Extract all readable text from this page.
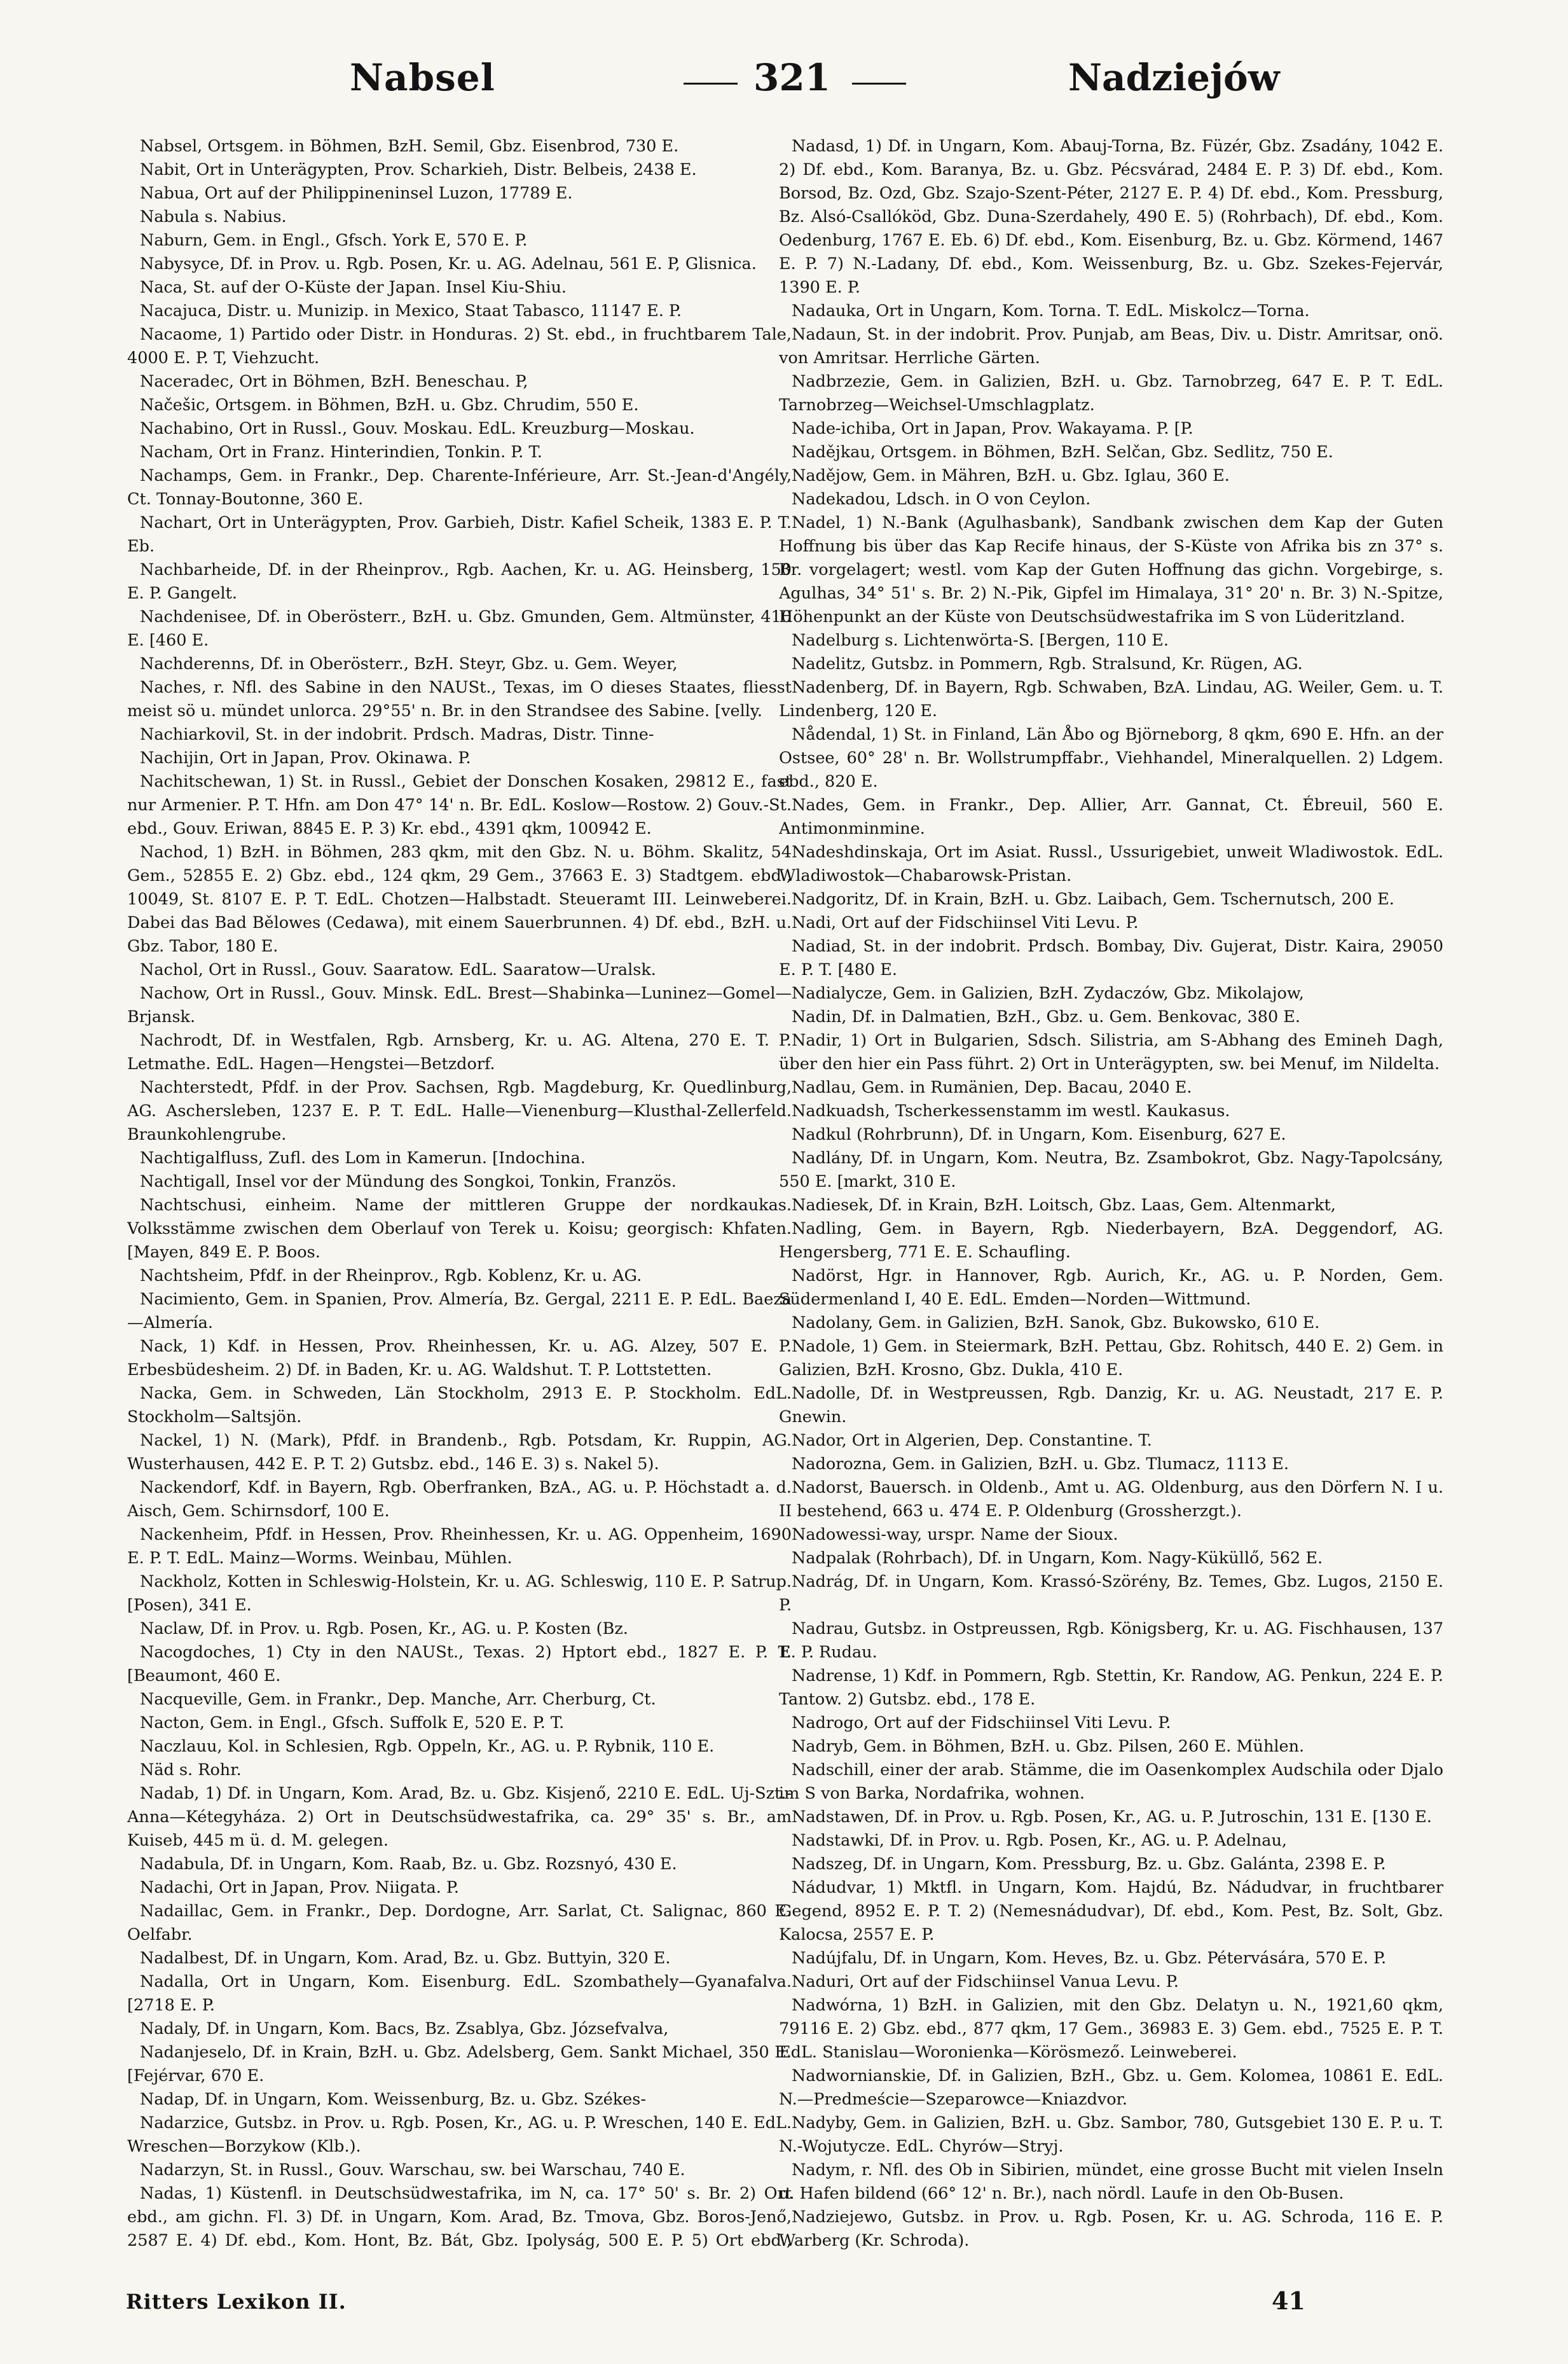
Nabsel	321	Nadziejów

Nabsel, Ortsgem. in Böhmen, BzH. Semil, Gbz. Eisenbrod, 730 E.

Nabit, Ort in Unterägypten, Prov. Scharkieh, Distr. Belbeis, 2438 E.

Nabua, Ort auf der Philippineninsel Luzon, 17789 E.

Nabula s. Nabius.

Naburn, Gem. in Engl., Gfsch. York E, 570 E. P.

Nabysyce, Df. in Prov. u. Rgb. Posen, Kr. u. AG. Adelnau, 561 E. P, Glisnica.

Naca, St. auf der O-Küste der Japan. Insel Kiu-Shiu.

Nacajuca, Distr. u. Munizip. in Mexico, Staat Tabasco, 11147 E. P.

Nacaome, 1) Partido oder Distr. in Honduras. 2) St. ebd., in fruchtbarem Tale, 4000 E. P. T, Viehzucht.

Naceradec, Ort in Böhmen, BzH. Beneschau. P,

Načešic, Ortsgem. in Böhmen, BzH. u. Gbz. Chrudim, 550 E.

Nachabino, Ort in Russl., Gouv. Moskau. EdL. Kreuzburg—Moskau.

Nacham, Ort in Franz. Hinterindien, Tonkin. P. T.

Nachamps, Gem. in Frankr., Dep. Charente-Inférieure, Arr. St.-Jean-d'Angély, Ct. Tonnay-Boutonne, 360 E.

Nachart, Ort in Unterägypten, Prov. Garbieh, Distr. Kafiel Scheik, 1383 E. P. T. Eb.

Nachbarheide, Df. in der Rheinprov., Rgb. Aachen, Kr. u. AG. Heinsberg, 150 E. P. Gangelt.

Nachdenisee, Df. in Oberösterr., BzH. u. Gbz. Gmunden, Gem. Altmünster, 410 E. [460 E.

Nachderenns, Df. in Oberösterr., BzH. Steyr, Gbz. u. Gem. Weyer,

Naches, r. Nfl. des Sabine in den NAUSt., Texas, im O dieses Staates, fliesst meist sö u. mündet unlorca. 29°55' n. Br. in den Strandsee des Sabine. [velly.

Nachiarkovil, St. in der indobrit. Prdsch. Madras, Distr. Tinne-

Nachijin, Ort in Japan, Prov. Okinawa. P.

Nachitschewan, 1) St. in Russl., Gebiet der Donschen Kosaken, 29812 E., fast nur Armenier. P. T. Hfn. am Don 47° 14' n. Br. EdL. Koslow—Rostow. 2) Gouv.-St. ebd., Gouv. Eriwan, 8845 E. P. 3) Kr. ebd., 4391 qkm, 100942 E.

Nachod, 1) BzH. in Böhmen, 283 qkm, mit den Gbz. N. u. Böhm. Skalitz, 54 Gem., 52855 E. 2) Gbz. ebd., 124 qkm, 29 Gem., 37663 E. 3) Stadtgem. ebd., 10049, St. 8107 E. P. T. EdL. Chotzen—Halbstadt. Steueramt III. Leinweberei. Dabei das Bad Bělowes (Cedawa), mit einem Sauerbrunnen. 4) Df. ebd., BzH. u. Gbz. Tabor, 180 E.

Nachol, Ort in Russl., Gouv. Saaratow. EdL. Saaratow—Uralsk.

Nachow, Ort in Russl., Gouv. Minsk. EdL. Brest—Shabinka—Luninez—Gomel—Brjansk.

Nachrodt, Df. in Westfalen, Rgb. Arnsberg, Kr. u. AG. Altena, 270 E. T. P. Letmathe. EdL. Hagen—Hengstei—Betzdorf.

Nachterstedt, Pfdf. in der Prov. Sachsen, Rgb. Magdeburg, Kr. Quedlinburg, AG. Aschersleben, 1237 E. P. T. EdL. Halle—Vienenburg—Klusthal-Zellerfeld. Braunkohlengrube.

Nachtigalfluss, Zufl. des Lom in Kamerun. [Indochina.

Nachtigall, Insel vor der Mündung des Songkoi, Tonkin, Französ.

Nachtschusi, einheim. Name der mittleren Gruppe der nordkaukas. Volksstämme zwischen dem Oberlauf von Terek u. Koisu; georgisch: Khfaten. [Mayen, 849 E. P. Boos.

Nachtsheim, Pfdf. in der Rheinprov., Rgb. Koblenz, Kr. u. AG.

Nacimiento, Gem. in Spanien, Prov. Almería, Bz. Gergal, 2211 E. P. EdL. Baeza—Almería.

Nack, 1) Kdf. in Hessen, Prov. Rheinhessen, Kr. u. AG. Alzey, 507 E. P. Erbesbüdesheim. 2) Df. in Baden, Kr. u. AG. Waldshut. T. P. Lottstetten.

Nacka, Gem. in Schweden, Län Stockholm, 2913 E. P. Stockholm. EdL. Stockholm—Saltsjön.

Nackel, 1) N. (Mark), Pfdf. in Brandenb., Rgb. Potsdam, Kr. Ruppin, AG. Wusterhausen, 442 E. P. T. 2) Gutsbz. ebd., 146 E. 3) s. Nakel 5).

Nackendorf, Kdf. in Bayern, Rgb. Oberfranken, BzA., AG. u. P. Höchstadt a. d. Aisch, Gem. Schirnsdorf, 100 E.

Nackenheim, Pfdf. in Hessen, Prov. Rheinhessen, Kr. u. AG. Oppenheim, 1690 E. P. T. EdL. Mainz—Worms. Weinbau, Mühlen.

Nackholz, Kotten in Schleswig-Holstein, Kr. u. AG. Schleswig, 110 E. P. Satrup. [Posen), 341 E.

Naclaw, Df. in Prov. u. Rgb. Posen, Kr., AG. u. P. Kosten (Bz.

Nacogdoches, 1) Cty in den NAUSt., Texas. 2) Hptort ebd., 1827 E. P. T. [Beaumont, 460 E.

Nacqueville, Gem. in Frankr., Dep. Manche, Arr. Cherburg, Ct.

Nacton, Gem. in Engl., Gfsch. Suffolk E, 520 E. P. T.

Naczlauu, Kol. in Schlesien, Rgb. Oppeln, Kr., AG. u. P. Rybnik, 110 E.

Näd s. Rohr.

Nadab, 1) Df. in Ungarn, Kom. Arad, Bz. u. Gbz. Kisjenő, 2210 E. EdL. Uj-Szt.-Anna—Kétegyháza. 2) Ort in Deutschsüdwestafrika, ca. 29° 35' s. Br., am Kuiseb, 445 m ü. d. M. gelegen.

Nadabula, Df. in Ungarn, Kom. Raab, Bz. u. Gbz. Rozsnyó, 430 E.

Nadachi, Ort in Japan, Prov. Niigata. P.

Nadaillac, Gem. in Frankr., Dep. Dordogne, Arr. Sarlat, Ct. Salignac, 860 E. Oelfabr.

Nadalbest, Df. in Ungarn, Kom. Arad, Bz. u. Gbz. Buttyin, 320 E.

Nadalla, Ort in Ungarn, Kom. Eisenburg. EdL. Szombathely—Gyanafalva. [2718 E. P.

Nadaly, Df. in Ungarn, Kom. Bacs, Bz. Zsablya, Gbz. Józsefvalva,

Nadanjeselo, Df. in Krain, BzH. u. Gbz. Adelsberg, Gem. Sankt Michael, 350 E. [Fejérvar, 670 E.

Nadap, Df. in Ungarn, Kom. Weissenburg, Bz. u. Gbz. Székes-

Nadarzice, Gutsbz. in Prov. u. Rgb. Posen, Kr., AG. u. P. Wreschen, 140 E. EdL. Wreschen—Borzykow (Klb.).

Nadarzyn, St. in Russl., Gouv. Warschau, sw. bei Warschau, 740 E.

Nadas, 1) Küstenfl. in Deutschsüdwestafrika, im N, ca. 17° 50' s. Br. 2) Ort ebd., am gichn. Fl. 3) Df. in Ungarn, Kom. Arad, Bz. Tmova, Gbz. Boros-Jenő, 2587 E. 4) Df. ebd., Kom. Hont, Bz. Bát, Gbz. Ipolyság, 500 E. P. 5) Ort ebd.,

Nadasd, 1) Df. in Ungarn, Kom. Abauj-Torna, Bz. Füzér, Gbz. Zsadány, 1042 E. 2) Df. ebd., Kom. Baranya, Bz. u. Gbz. Pécsvárad, 2484 E. P. 3) Df. ebd., Kom. Borsod, Bz. Ozd, Gbz. Szajo-Szent-Péter, 2127 E. P. 4) Df. ebd., Kom. Pressburg, Bz. Alsó-Csallóköd, Gbz. Duna-Szerdahely, 490 E. 5) (Rohrbach), Df. ebd., Kom. Oedenburg, 1767 E. Eb. 6) Df. ebd., Kom. Eisenburg, Bz. u. Gbz. Körmend, 1467 E. P. 7) N.-Ladany, Df. ebd., Kom. Weissenburg, Bz. u. Gbz. Szekes-Fejervár, 1390 E. P.

Nadauka, Ort in Ungarn, Kom. Torna. T. EdL. Miskolcz—Torna.

Nadaun, St. in der indobrit. Prov. Punjab, am Beas, Div. u. Distr. Amritsar, onö. von Amritsar. Herrliche Gärten.

Nadbrzezie, Gem. in Galizien, BzH. u. Gbz. Tarnobrzeg, 647 E. P. T. EdL. Tarnobrzeg—Weichsel-Umschlagplatz.

Nade-ichiba, Ort in Japan, Prov. Wakayama. P. [P.

Nadějkau, Ortsgem. in Böhmen, BzH. Selčan, Gbz. Sedlitz, 750 E.

Nadějow, Gem. in Mähren, BzH. u. Gbz. Iglau, 360 E.

Nadekadou, Ldsch. in O von Ceylon.

Nadel, 1) N.-Bank (Agulhasbank), Sandbank zwischen dem Kap der Guten Hoffnung bis über das Kap Recife hinaus, der S-Küste von Afrika bis zn 37° s. Br. vorgelagert; westl. vom Kap der Guten Hoffnung das gichn. Vorgebirge, s. Agulhas, 34° 51' s. Br. 2) N.-Pik, Gipfel im Himalaya, 31° 20' n. Br. 3) N.-Spitze, Höhenpunkt an der Küste von Deutschsüdwestafrika im S von Lüderitzland.

Nadelburg s. Lichtenwörta-S. [Bergen, 110 E.

Nadelitz, Gutsbz. in Pommern, Rgb. Stralsund, Kr. Rügen, AG.

Nadenberg, Df. in Bayern, Rgb. Schwaben, BzA. Lindau, AG. Weiler, Gem. u. T. Lindenberg, 120 E.

Nådendal, 1) St. in Finland, Län Åbo og Björneborg, 8 qkm, 690 E. Hfn. an der Ostsee, 60° 28' n. Br. Wollstrumpffabr., Viehhandel, Mineralquellen. 2) Ldgem. ebd., 820 E.

Nades, Gem. in Frankr., Dep. Allier, Arr. Gannat, Ct. Ébreuil, 560 E. Antimonminmine.

Nadeshdinskaja, Ort im Asiat. Russl., Ussurigebiet, unweit Wladiwostok. EdL. Wladiwostok—Chabarowsk-Pristan.

Nadgoritz, Df. in Krain, BzH. u. Gbz. Laibach, Gem. Tschernutsch, 200 E.

Nadi, Ort auf der Fidschiinsel Viti Levu. P.

Nadiad, St. in der indobrit. Prdsch. Bombay, Div. Gujerat, Distr. Kaira, 29050 E. P. T. [480 E.

Nadialycze, Gem. in Galizien, BzH. Zydaczów, Gbz. Mikolajow,

Nadin, Df. in Dalmatien, BzH., Gbz. u. Gem. Benkovac, 380 E.

Nadir, 1) Ort in Bulgarien, Sdsch. Silistria, am S-Abhang des Emineh Dagh, über den hier ein Pass führt. 2) Ort in Unterägypten, sw. bei Menuf, im Nildelta.

Nadlau, Gem. in Rumänien, Dep. Bacau, 2040 E.

Nadkuadsh, Tscherkessenstamm im westl. Kaukasus.

Nadkul (Rohrbrunn), Df. in Ungarn, Kom. Eisenburg, 627 E.

Nadlány, Df. in Ungarn, Kom. Neutra, Bz. Zsambokrot, Gbz. Nagy-Tapolcsány, 550 E. [markt, 310 E.

Nadiesek, Df. in Krain, BzH. Loitsch, Gbz. Laas, Gem. Altenmarkt,

Nadling, Gem. in Bayern, Rgb. Niederbayern, BzA. Deggendorf, AG. Hengersberg, 771 E. E. Schaufling.

Nadörst, Hgr. in Hannover, Rgb. Aurich, Kr., AG. u. P. Norden, Gem. Südermenland I, 40 E. EdL. Emden—Norden—Wittmund.

Nadolany, Gem. in Galizien, BzH. Sanok, Gbz. Bukowsko, 610 E.

Nadole, 1) Gem. in Steiermark, BzH. Pettau, Gbz. Rohitsch, 440 E. 2) Gem. in Galizien, BzH. Krosno, Gbz. Dukla, 410 E.

Nadolle, Df. in Westpreussen, Rgb. Danzig, Kr. u. AG. Neustadt, 217 E. P. Gnewin.

Nador, Ort in Algerien, Dep. Constantine. T.

Nadorozna, Gem. in Galizien, BzH. u. Gbz. Tlumacz, 1113 E.

Nadorst, Bauersch. in Oldenb., Amt u. AG. Oldenburg, aus den Dörfern N. I u. II bestehend, 663 u. 474 E. P. Oldenburg (Grossherzgt.).

Nadowessi-way, urspr. Name der Sioux.

Nadpalak (Rohrbach), Df. in Ungarn, Kom. Nagy-Küküllő, 562 E.

Nadrág, Df. in Ungarn, Kom. Krassó-Szörény, Bz. Temes, Gbz. Lugos, 2150 E. P.

Nadrau, Gutsbz. in Ostpreussen, Rgb. Königsberg, Kr. u. AG. Fischhausen, 137 E. P. Rudau.

Nadrense, 1) Kdf. in Pommern, Rgb. Stettin, Kr. Randow, AG. Penkun, 224 E. P. Tantow. 2) Gutsbz. ebd., 178 E.

Nadrogo, Ort auf der Fidschiinsel Viti Levu. P.

Nadryb, Gem. in Böhmen, BzH. u. Gbz. Pilsen, 260 E. Mühlen.

Nadschill, einer der arab. Stämme, die im Oasenkomplex Audschila oder Djalo im S von Barka, Nordafrika, wohnen.

Nadstawen, Df. in Prov. u. Rgb. Posen, Kr., AG. u. P. Jutroschin, 131 E. [130 E.

Nadstawki, Df. in Prov. u. Rgb. Posen, Kr., AG. u. P. Adelnau,

Nadszeg, Df. in Ungarn, Kom. Pressburg, Bz. u. Gbz. Galánta, 2398 E. P.

Nádudvar, 1) Mktfl. in Ungarn, Kom. Hajdú, Bz. Nádudvar, in fruchtbarer Gegend, 8952 E. P. T. 2) (Nemesnádudvar), Df. ebd., Kom. Pest, Bz. Solt, Gbz. Kalocsa, 2557 E. P.

Nadújfalu, Df. in Ungarn, Kom. Heves, Bz. u. Gbz. Pétervására, 570 E. P.

Naduri, Ort auf der Fidschiinsel Vanua Levu. P.

Nadwórna, 1) BzH. in Galizien, mit den Gbz. Delatyn u. N., 1921,60 qkm, 79116 E. 2) Gbz. ebd., 877 qkm, 17 Gem., 36983 E. 3) Gem. ebd., 7525 E. P. T. EdL. Stanislau—Woronienka—Körösmező. Leinweberei.

Nadwornianskie, Df. in Galizien, BzH., Gbz. u. Gem. Kolomea, 10861 E. EdL. N.—Predmeście—Szeparowce—Kniazdvor.

Nadyby, Gem. in Galizien, BzH. u. Gbz. Sambor, 780, Gutsgebiet 130 E. P. u. T. N.-Wojutycze. EdL. Chyrów—Stryj.

Nadym, r. Nfl. des Ob in Sibirien, mündet, eine grosse Bucht mit vielen Inseln u. Hafen bildend (66° 12' n. Br.), nach nördl. Laufe in den Ob-Busen.

Nadziejewo, Gutsbz. in Prov. u. Rgb. Posen, Kr. u. AG. Schroda, 116 E. P. Warberg (Kr. Schroda).

Ritters Lexikon II.	41
